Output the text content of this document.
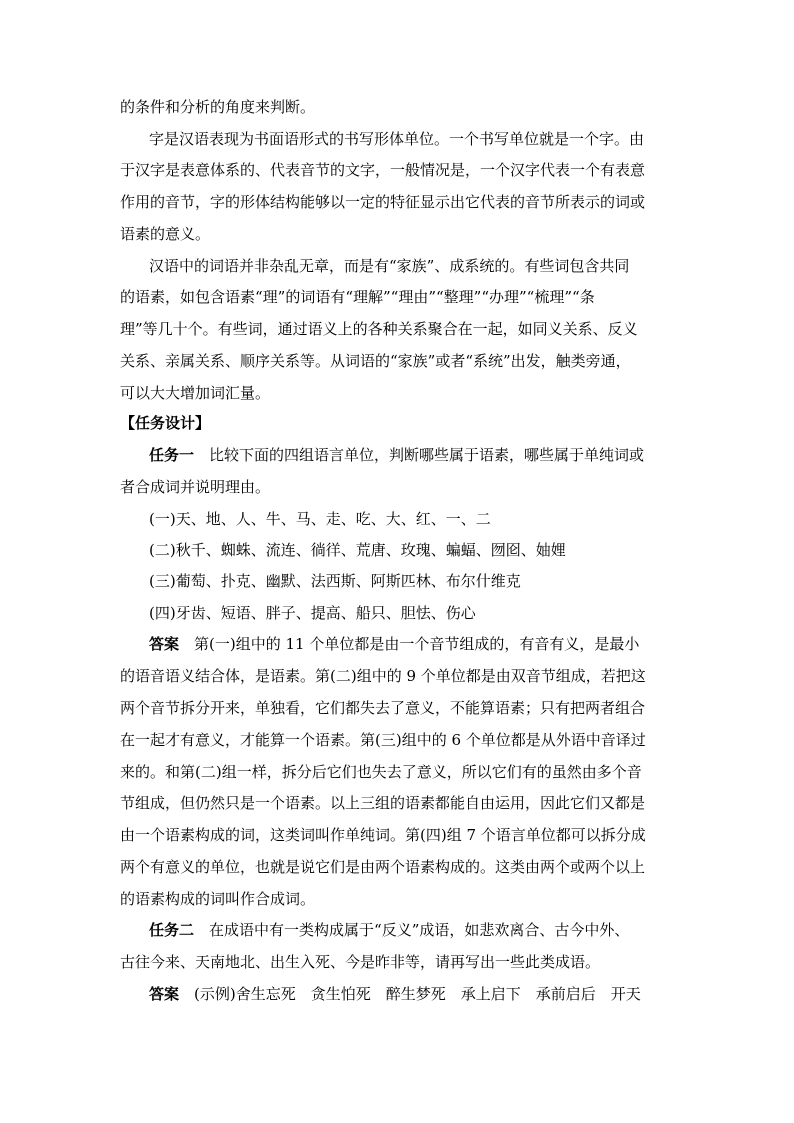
的条件和分析的角度来判断。
字是汉语表现为书面语形式的书写形体单位。一个书写单位就是一个字。由
于汉字是表意体系的、代表音节的文字，一般情况是，一个汉字代表一个有表意
作用的音节，字的形体结构能够以一定的特征显示出它代表的音节所表示的词或
语素的意义。
汉语中的词语并非杂乱无章，而是有“家族”、成系统的。有些词包含共同
的语素，如包含语素“理”的词语有“理解”“理由”“整理”“办理”“梳理”“条
理”等几十个。有些词，通过语义上的各种关系聚合在一起，如同义关系、反义
关系、亲属关系、顺序关系等。从词语的“家族”或者“系统”出发，触类旁通，
可以大大增加词汇量。
【任务设计】
任务一　 比较下面的四组语言单位，判断哪些属于语素，哪些属于单纯词或
者合成词并说明理由。
(一)天、地、人、牛、马、走、吃、大、红、一、二
(二)秋千、蜘蛛、流连、徜徉、荒唐、玫瑰、蝙蝠、囫囵、妯娌
(三)葡萄、扑克、幽默、法西斯、阿斯匹林、布尔什维克
(四)牙齿、短语、胖子、提高、船只、胆怯、伤心
答案　 第(一)组中的 11 个单位都是由一个音节组成的，有音有义，是最小
的语音语义结合体，是语素。第(二)组中的 9 个单位都是由双音节组成，若把这
两个音节拆分开来，单独看，它们都失去了意义，不能算语素；只有把两者组合
在一起才有意义，才能算一个语素。第(三)组中的 6 个单位都是从外语中音译过
来的。和第(二)组一样，拆分后它们也失去了意义，所以它们有的虽然由多个音
节组成，但仍然只是一个语素。以上三组的语素都能自由运用，因此它们又都是
由一个语素构成的词，这类词叫作单纯词。第(四)组 7 个语言单位都可以拆分成
两个有意义的单位，也就是说它们是由两个语素构成的。这类由两个或两个以上
的语素构成的词叫作合成词。
任务二　 在成语中有一类构成属于“反义”成语，如悲欢离合、古今中外、
古往今来、天南地北、出生入死、今是昨非等，请再写出一些此类成语。
答案　 (示例)舍生忘死　贪生怕死　醉生梦死　承上启下　承前启后　开天
